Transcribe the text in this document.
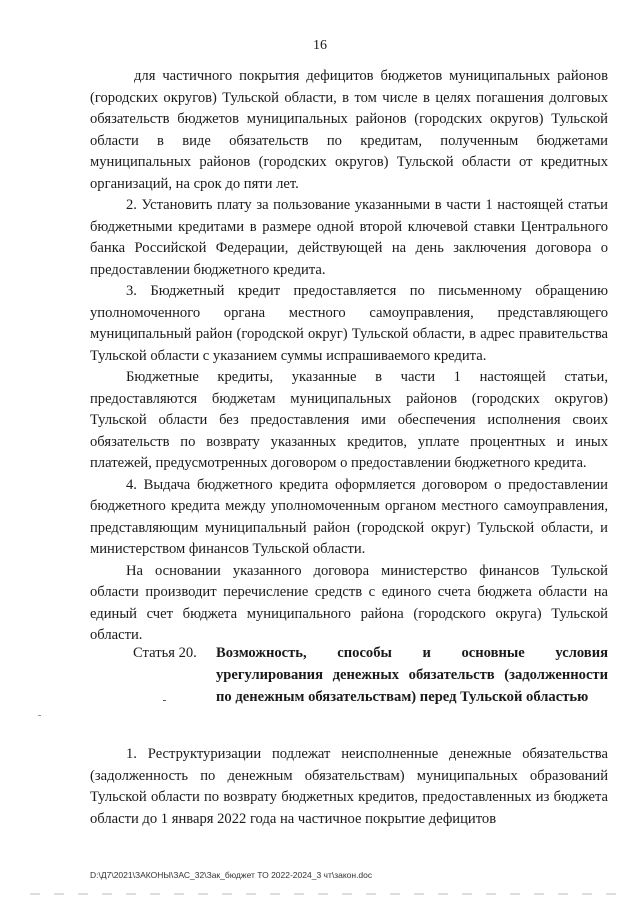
16

для частичного покрытия дефицитов бюджетов муниципальных районов (городских округов) Тульской области, в том числе в целях погашения долговых обязательств бюджетов муниципальных районов (городских округов) Тульской области в виде обязательств по кредитам, полученным бюджетами муниципальных районов (городских округов) Тульской области от кредитных организаций, на срок до пяти лет.

2. Установить плату за пользование указанными в части 1 настоящей статьи бюджетными кредитами в размере одной второй ключевой ставки Центрального банка Российской Федерации, действующей на день заключения договора о предоставлении бюджетного кредита.

3. Бюджетный кредит предоставляется по письменному обращению уполномоченного органа местного самоуправления, представляющего муниципальный район (городской округ) Тульской области, в адрес правительства Тульской области с указанием суммы испрашиваемого кредита.

Бюджетные кредиты, указанные в части 1 настоящей статьи, предоставляются бюджетам муниципальных районов (городских округов) Тульской области без предоставления ими обеспечения исполнения своих обязательств по возврату указанных кредитов, уплате процентных и иных платежей, предусмотренных договором о предоставлении бюджетного кредита.

4. Выдача бюджетного кредита оформляется договором о предоставлении бюджетного кредита между уполномоченным органом местного самоуправления, представляющим муниципальный район (городской округ) Тульской области, и министерством финансов Тульской области.

На основании указанного договора министерство финансов Тульской области производит перечисление средств с единого счета бюджета области на единый счет бюджета муниципального района (городского округа) Тульской области.

Статья 20. Возможность, способы и основные условия урегулирования денежных обязательств (задолженности по денежным обязательствам) перед Тульской областью

1. Реструктуризации подлежат неисполненные денежные обязательства (задолженность по денежным обязательствам) муниципальных образований Тульской области по возврату бюджетных кредитов, предоставленных из бюджета области до 1 января 2022 года на частичное покрытие дефицитов

D:\Д7\2021\ЗАКОНЫ\ЗАС_32\Зак_бюджет ТО 2022-2024_3 чт\закон.doc
